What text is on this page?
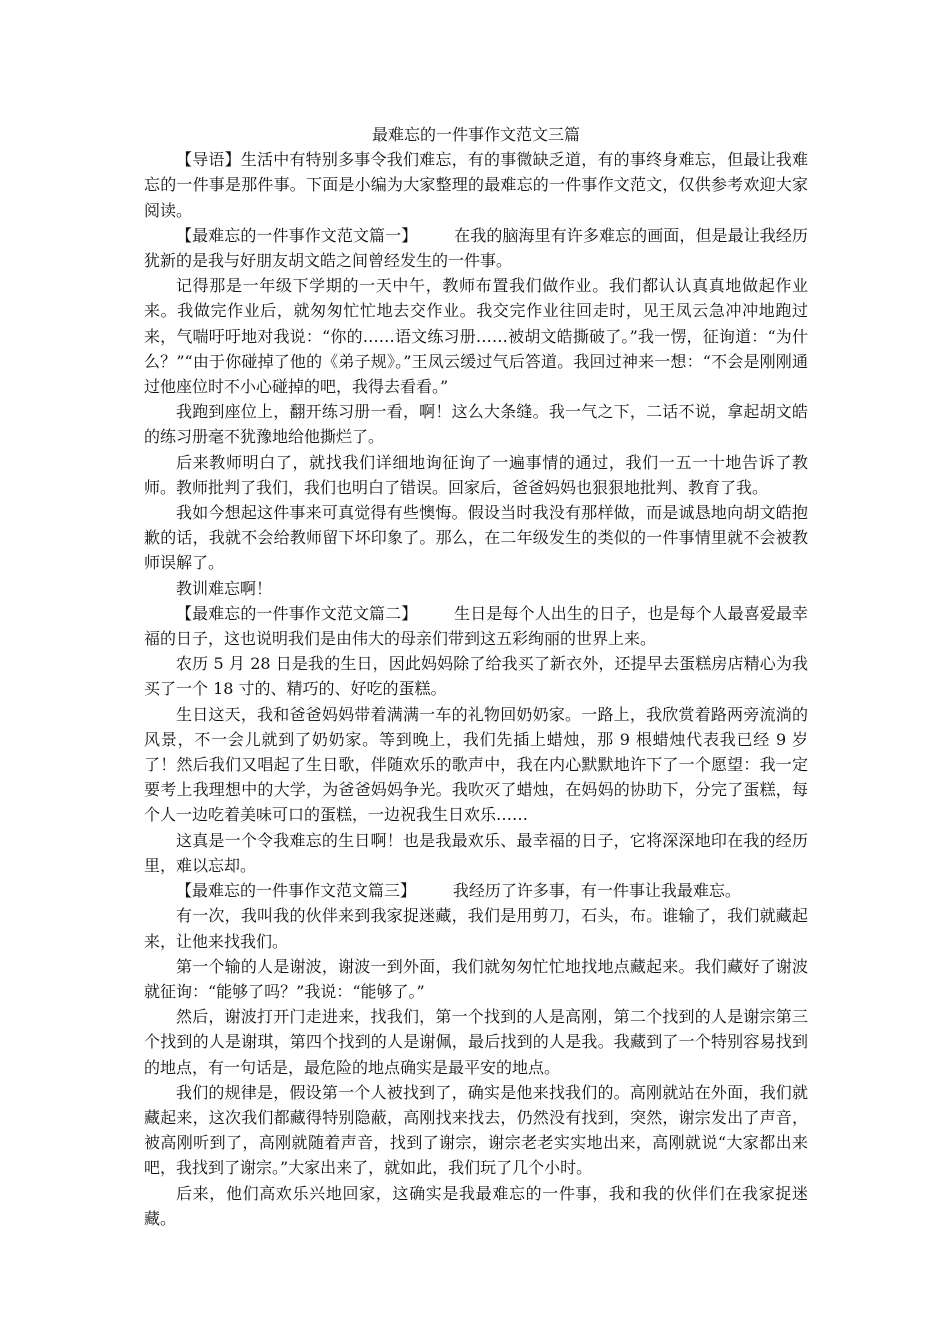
最难忘的一件事作文范文三篇

【导语】生活中有特别多事令我们难忘，有的事微缺乏道，有的事终身难忘，但最让我难忘的一件事是那件事。下面是小编为大家整理的最难忘的一件事作文范文，仅供参考欢迎大家阅读。

【最难忘的一件事作文范文篇一】 在我的脑海里有许多难忘的画面，但是最让我经历犹新的是我与好朋友胡文皓之间曾经发生的一件事。

记得那是一年级下学期的一天中午，教师布置我们做作业。我们都认认真真地做起作业来。我做完作业后，就匆匆忙忙地去交作业。我交完作业往回走时，见王凤云急冲冲地跑过来，气喘吁吁地对我说：“你的……语文练习册……被胡文皓撕破了。”我一愣，征询道：“为什么？”“由于你碰掉了他的《弟子规》。”王凤云缓过气后答道。我回过神来一想：“不会是刚刚通过他座位时不小心碰掉的吧，我得去看看。”

我跑到座位上，翻开练习册一看，啊！这么大条缝。我一气之下，二话不说，拿起胡文皓的练习册毫不犹豫地给他撕烂了。

后来教师明白了，就找我们详细地询征询了一遍事情的通过，我们一五一十地告诉了教师。教师批判了我们，我们也明白了错误。回家后，爸爸妈妈也狠狠地批判、教育了我。

我如今想起这件事来可真觉得有些懊悔。假设当时我没有那样做，而是诚恳地向胡文皓抱歉的话，我就不会给教师留下坏印象了。那么，在二年级发生的类似的一件事情里就不会被教师误解了。

教训难忘啊！

【最难忘的一件事作文范文篇二】 生日是每个人出生的日子，也是每个人最喜爱最幸福的日子，这也说明我们是由伟大的母亲们带到这五彩绚丽的世界上来。

农历 5 月 28 日是我的生日，因此妈妈除了给我买了新衣外，还提早去蛋糕房店精心为我买了一个 18 寸的、精巧的、好吃的蛋糕。

生日这天，我和爸爸妈妈带着满满一车的礼物回奶奶家。一路上，我欣赏着路两旁流淌的风景，不一会儿就到了奶奶家。等到晚上，我们先插上蜡烛，那 9 根蜡烛代表我已经 9 岁了！然后我们又唱起了生日歌，伴随欢乐的歌声中，我在内心默默地许下了一个愿望：我一定要考上我理想中的大学，为爸爸妈妈争光。我吹灭了蜡烛，在妈妈的协助下，分完了蛋糕，每个人一边吃着美味可口的蛋糕，一边祝我生日欢乐……

这真是一个令我难忘的生日啊！也是我最欢乐、最幸福的日子，它将深深地印在我的经历里，难以忘却。

【最难忘的一件事作文范文篇三】 我经历了许多事，有一件事让我最难忘。

有一次，我叫我的伙伴来到我家捉迷藏，我们是用剪刀，石头，布。谁输了，我们就藏起来，让他来找我们。

第一个输的人是谢波，谢波一到外面，我们就匆匆忙忙地找地点藏起来。我们藏好了谢波就征询：“能够了吗？”我说：“能够了。”

然后，谢波打开门走进来，找我们，第一个找到的人是高刚，第二个找到的人是谢宗第三个找到的人是谢琪，第四个找到的人是谢佩，最后找到的人是我。我藏到了一个特别容易找到的地点，有一句话是，最危险的地点确实是最平安的地点。

我们的规律是，假设第一个人被找到了，确实是他来找我们的。高刚就站在外面，我们就藏起来，这次我们都藏得特别隐蔽，高刚找来找去，仍然没有找到，突然，谢宗发出了声音，被高刚听到了，高刚就随着声音，找到了谢宗，谢宗老老实实地出来，高刚就说“大家都出来吧，我找到了谢宗。”大家出来了，就如此，我们玩了几个小时。

后来，他们高欢乐兴地回家，这确实是我最难忘的一件事，我和我的伙伴们在我家捉迷藏。
